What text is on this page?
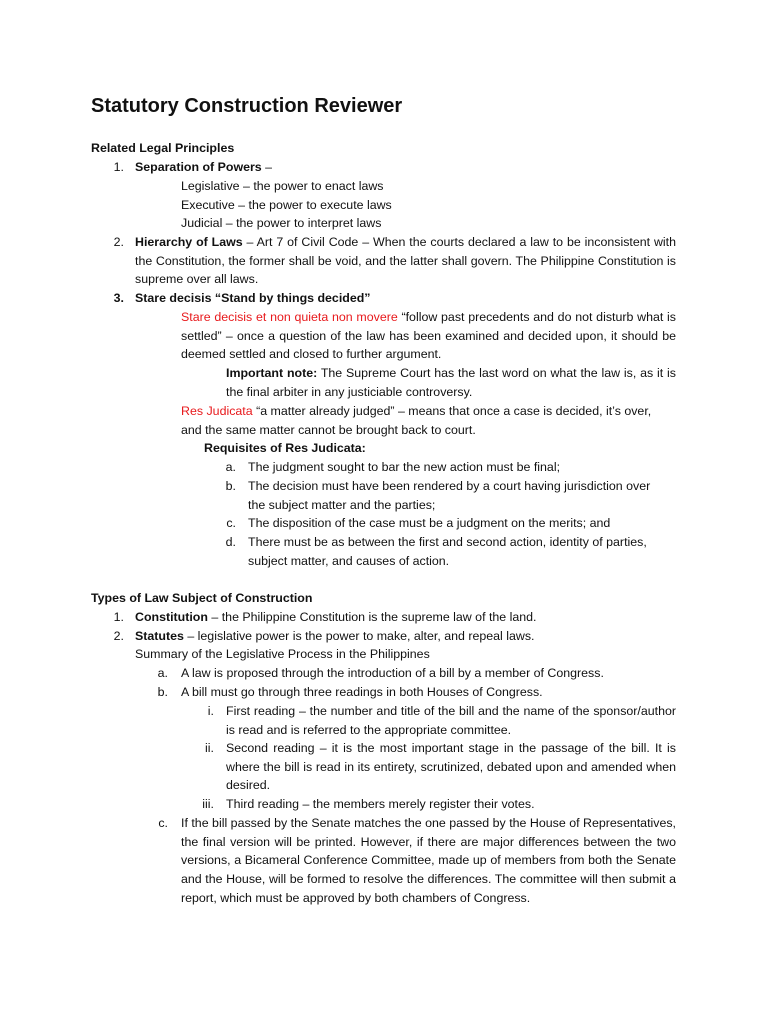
Statutory Construction Reviewer
Related Legal Principles
1. Separation of Powers –
Legislative – the power to enact laws
Executive – the power to execute laws
Judicial – the power to interpret laws
2. Hierarchy of Laws – Art 7 of Civil Code – When the courts declared a law to be inconsistent with the Constitution, the former shall be void, and the latter shall govern. The Philippine Constitution is supreme over all laws.

3. Stare decisis “Stand by things decided”

Stare decisis et non quieta non movere “follow past precedents and do not disturb what is settled” – once a question of the law has been examined and decided upon, it should be deemed settled and closed to further argument.

Important note: The Supreme Court has the last word on what the law is, as it is the final arbiter in any justiciable controversy.

Res Judicata “a matter already judged” – means that once a case is decided, it’s over, and the same matter cannot be brought back to court.

Requisites of Res Judicata:
a. The judgment sought to bar the new action must be final;

b. The decision must have been rendered by a court having jurisdiction over the subject matter and the parties;

c. The disposition of the case must be a judgment on the merits; and

d. There must be as between the first and second action, identity of parties, subject matter, and causes of action.

Types of Law Subject of Construction
1. Constitution – the Philippine Constitution is the supreme law of the land.
2. Statutes – legislative power is the power to make, alter, and repeal laws.
Summary of the Legislative Process in the Philippines
a. A law is proposed through the introduction of a bill by a member of Congress.

b. A bill must go through three readings in both Houses of Congress.

i. First reading – the number and title of the bill and the name of the sponsor/author is read and is referred to the appropriate committee.

ii. Second reading – it is the most important stage in the passage of the bill. It is where the bill is read in its entirety, scrutinized, debated upon and amended when desired.

iii. Third reading – the members merely register their votes.

c. If the bill passed by the Senate matches the one passed by the House of Representatives, the final version will be printed. However, if there are major differences between the two versions, a Bicameral Conference Committee, made up of members from both the Senate and the House, will be formed to resolve the differences. The committee will then submit a report, which must be approved by both chambers of Congress.
